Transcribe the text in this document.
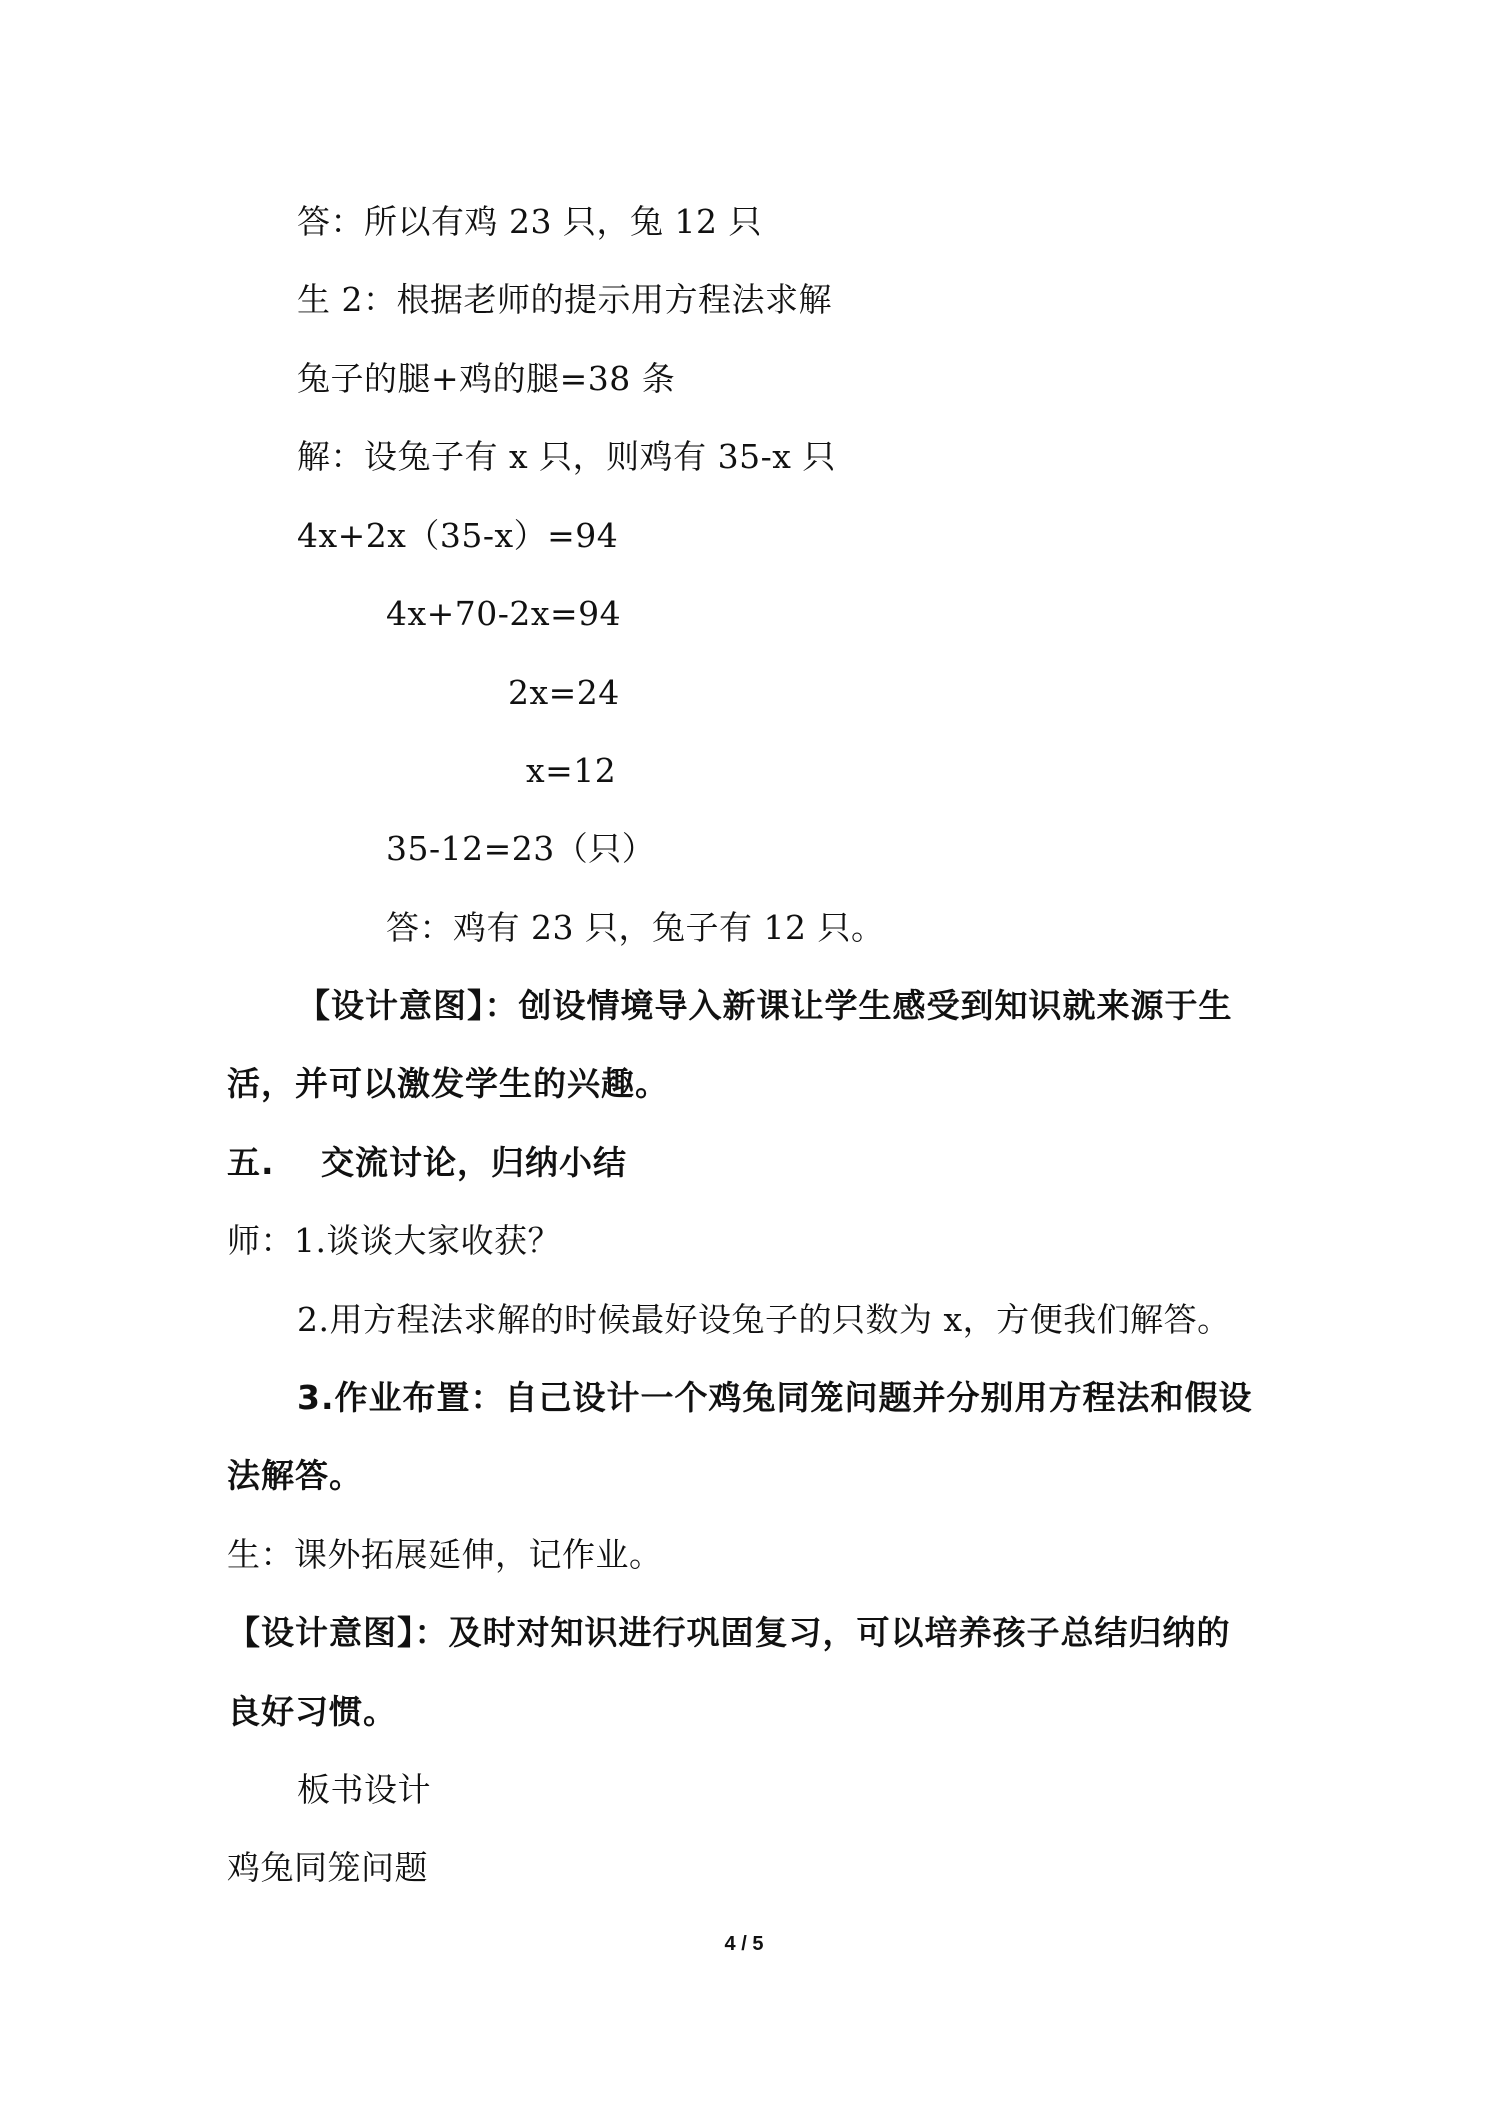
答：所以有鸡 23 只，兔 12 只
生 2：根据老师的提示用方程法求解
兔子的腿+鸡的腿=38 条
解：设兔子有 x 只，则鸡有 35-x 只
4x+2x（35-x）=94
4x+70-2x=94
2x=24
x=12
35-12=23（只）
答：鸡有 23 只，兔子有 12 只。
【设计意图】：创设情境导入新课让学生感受到知识就来源于生
活，并可以激发学生的兴趣。
五.　 交流讨论，归纳小结
师：1.谈谈大家收获？
2.用方程法求解的时候最好设兔子的只数为 x，方便我们解答。
3.作业布置：自己设计一个鸡兔同笼问题并分别用方程法和假设
法解答。
生：课外拓展延伸，记作业。
【设计意图】：及时对知识进行巩固复习，可以培养孩子总结归纳的
良好习惯。
板书设计
鸡兔同笼问题
4 / 5
